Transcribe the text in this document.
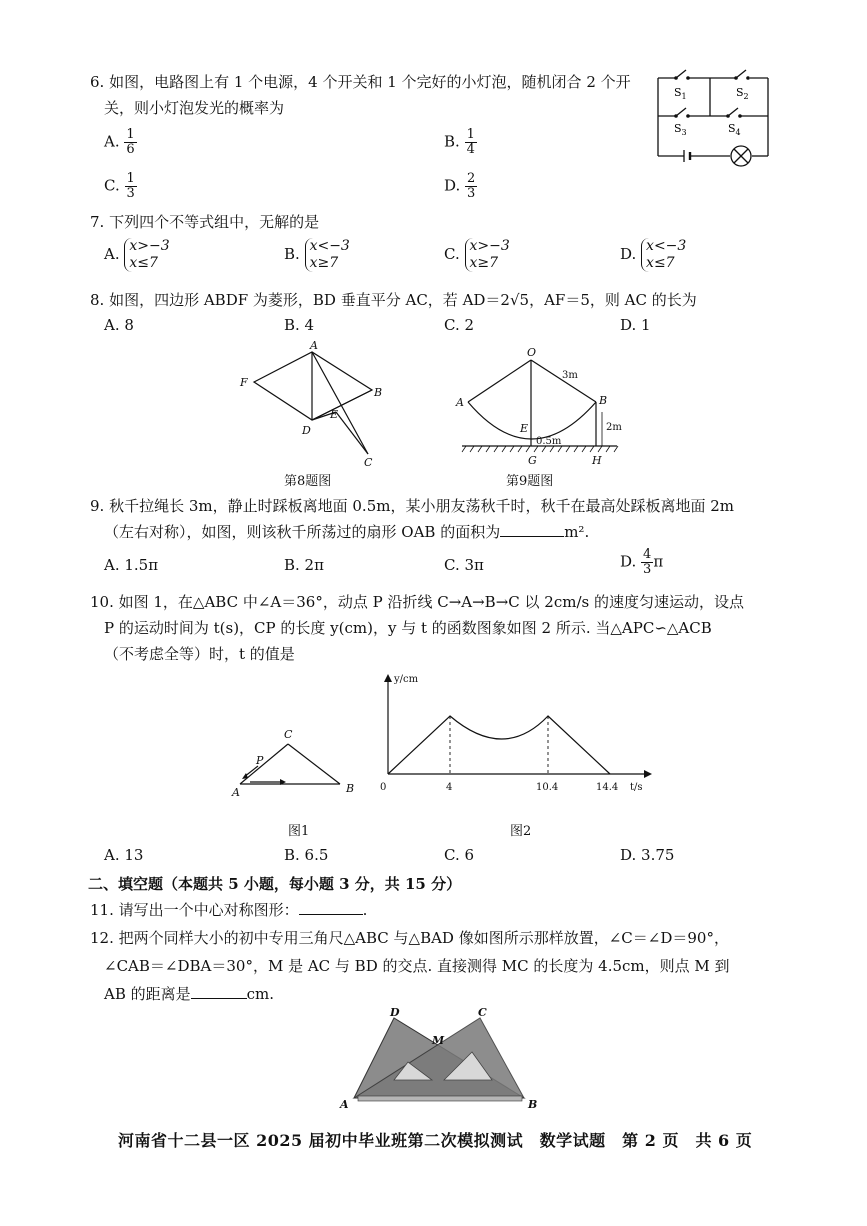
6. 如图，电路图上有 1 个电源，4 个开关和 1 个完好的小灯泡，随机闭合 2 个开
关，则小灯泡发光的概率为
A. $\frac{1}{6}$	B. $\frac{1}{4}$
C. $\frac{1}{3}$	D. $\frac{2}{3}$
$S_1$	$S_2$
$S_3$	$S_4$
7. 下列四个不等式组中，无解的是
A. x>−3
x≤7	B. x<−3
x≥7	C. x>−3
x≥7	D. x<−3
x≤7
8. 如图，四边形 ABDF 为菱形，BD 垂直平分 AC，若 AD＝2√5，AF＝5，则 AC 的长为
A. 8	B. 4	C. 2	D. 1
A
B
C
D
E
F
第8题图
O
A	B
E
G	H
3m
0.5m
2m
第9题图
9. 秋千拉绳长 3m，静止时踩板离地面 0.5m，某小朋友荡秋千时，秋千在最高处踩板离地面 2m
（左右对称），如图，则该秋千所荡过的扇形 OAB 的面积为	m².
A. 1.5π	B. 2π	C. 3π	D. $\frac{4}{3}$ π
10. 如图 1，在△ABC 中∠A＝36°，动点 P 沿折线 C→A→B→C 以 2cm/s 的速度匀速运动，设点
P 的运动时间为 t(s)，CP 的长度 y(cm)，y 与 t 的函数图象如图 2 所示. 当△APC∽△ACB
（不考虑全等）时，t 的值是
C
A	B
P
图1
y/cm
t/s
0	4	10.4	14.4
图2
A. 13	B. 6.5	C. 6	D. 3.75
二、填空题（本题共 5 小题，每小题 3 分，共 15 分）
11. 请写出一个中心对称图形：	.
12. 把两个同样大小的初中专用三角尺△ABC 与△BAD 像如图所示那样放置，∠C＝∠D＝90°，
∠CAB＝∠DBA＝30°，M 是 AC 与 BD 的交点. 直接测得 MC 的长度为 4.5cm，则点 M 到
AB 的距离是	cm.
D	C
M
A	B
河南省十二县一区 2025 届初中毕业班第二次模拟测试　数学试题　第 2 页　共 6 页
